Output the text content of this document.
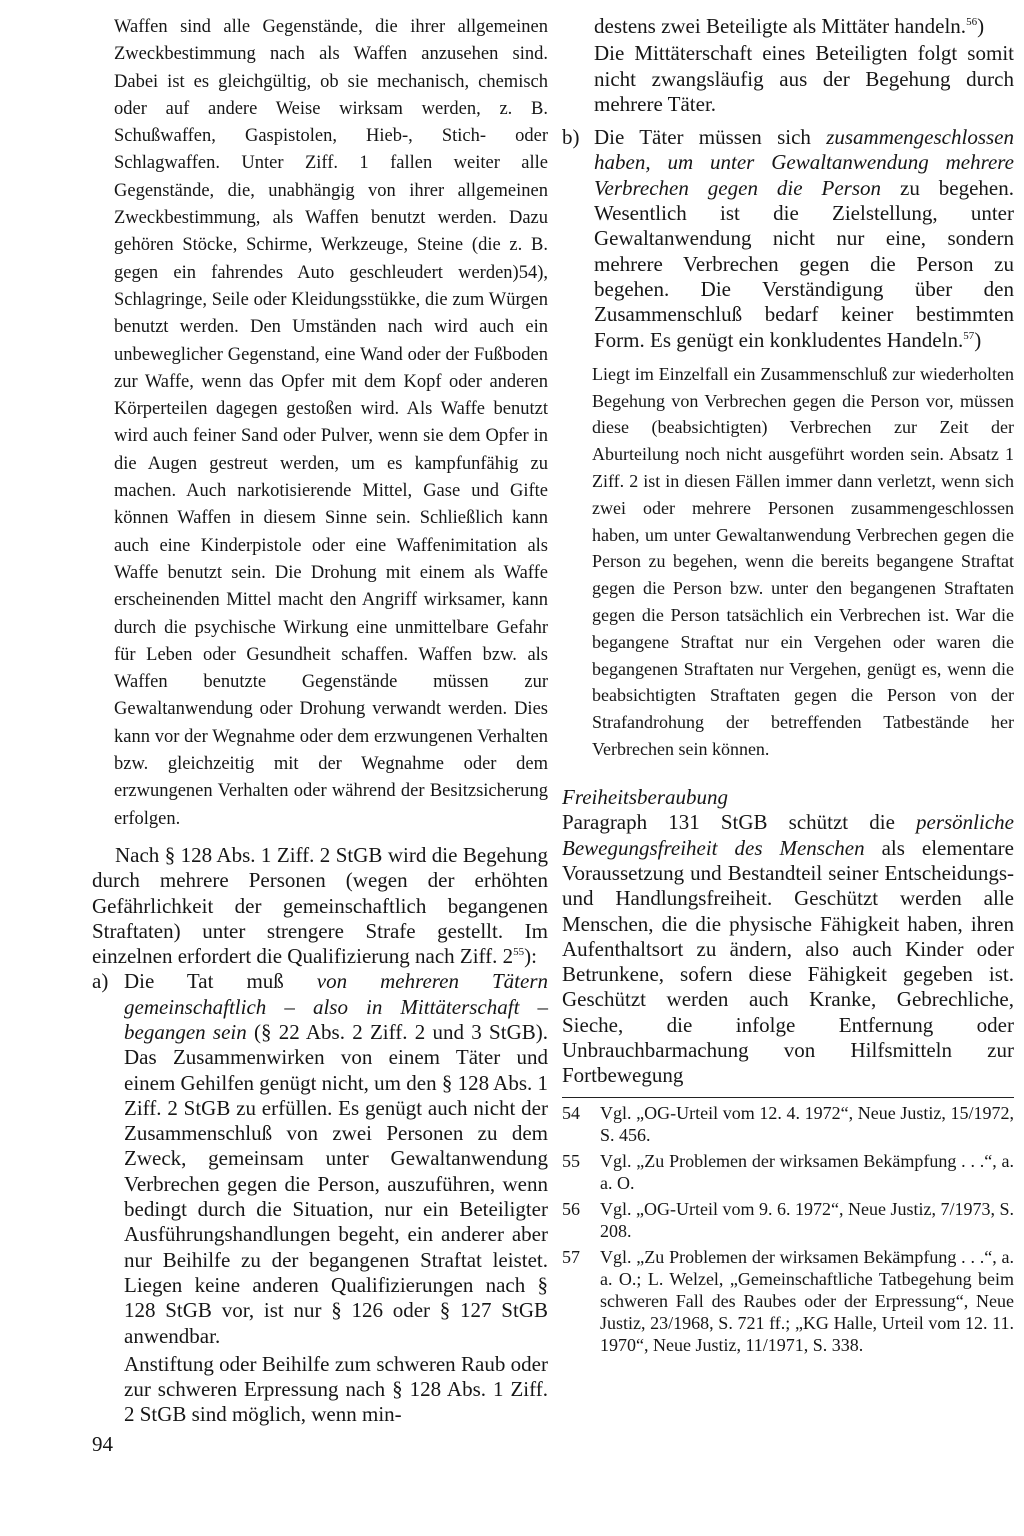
Waffen sind alle Gegenstände, die ihrer allgemeinen Zweckbestimmung nach als Waffen anzusehen sind. Dabei ist es gleichgültig, ob sie mechanisch, chemisch oder auf andere Weise wirksam werden, z. B. Schußwaffen, Gaspistolen, Hieb-, Stich- oder Schlagwaffen. Unter Ziff. 1 fallen weiter alle Gegenstände, die, unabhängig von ihrer allgemeinen Zweckbestimmung, als Waffen benutzt werden. Dazu gehören Stöcke, Schirme, Werkzeuge, Steine (die z. B. gegen ein fahrendes Auto geschleudert werden)54), Schlagringe, Seile oder Kleidungsstükke, die zum Würgen benutzt werden. Den Umständen nach wird auch ein unbeweglicher Gegenstand, eine Wand oder der Fußboden zur Waffe, wenn das Opfer mit dem Kopf oder anderen Körperteilen dagegen gestoßen wird. Als Waffe benutzt wird auch feiner Sand oder Pulver, wenn sie dem Opfer in die Augen gestreut werden, um es kampfunfähig zu machen. Auch narkotisierende Mittel, Gase und Gifte können Waffen in diesem Sinne sein. Schließlich kann auch eine Kinderpistole oder eine Waffenimitation als Waffe benutzt sein. Die Drohung mit einem als Waffe erscheinenden Mittel macht den Angriff wirksamer, kann durch die psychische Wirkung eine unmittelbare Gefahr für Leben oder Gesundheit schaffen. Waffen bzw. als Waffen benutzte Gegenstände müssen zur Gewaltanwendung oder Drohung verwandt werden. Dies kann vor der Wegnahme oder dem erzwungenen Verhalten bzw. gleichzeitig mit der Wegnahme oder dem erzwungenen Verhalten oder während der Besitzsicherung erfolgen.

Nach § 128 Abs. 1 Ziff. 2 StGB wird die Begehung durch mehrere Personen (wegen der erhöhten Gefährlichkeit der gemeinschaftlich begangenen Straftaten) unter strengere Strafe gestellt. Im einzelnen erfordert die Qualifizierung nach Ziff. $2^{55}$):

a) Die Tat muß von mehreren Tätern gemeinschaftlich – also in Mittäterschaft – begangen sein (§ 22 Abs. 2 Ziff. 2 und 3 StGB). Das Zusammenwirken von einem Täter und einem Gehilfen genügt nicht, um den § 128 Abs. 1 Ziff. 2 StGB zu erfüllen. Es genügt auch nicht der Zusammenschluß von zwei Personen zu dem Zweck, gemeinsam unter Gewaltanwendung Verbrechen gegen die Person, auszuführen, wenn bedingt durch die Situation, nur ein Beteiligter Ausführungshandlungen begeht, ein anderer aber nur Beihilfe zu der begangenen Straftat leistet. Liegen keine anderen Qualifizierungen nach § 128 StGB vor, ist nur § 126 oder § 127 StGB anwendbar.

Anstiftung oder Beihilfe zum schweren Raub oder zur schweren Erpressung nach § 128 Abs. 1 Ziff. 2 StGB sind möglich, wenn min-

destens zwei Beteiligte als Mittäter handeln.$^{56}$)

Die Mittäterschaft eines Beteiligten folgt somit nicht zwangsläufig aus der Begehung durch mehrere Täter.

b) Die Täter müssen sich zusammengeschlossen haben, um unter Gewaltanwendung mehrere Verbrechen gegen die Person zu begehen. Wesentlich ist die Zielstellung, unter Gewaltanwendung nicht nur eine, sondern mehrere Verbrechen gegen die Person zu begehen. Die Verständigung über den Zusammenschluß bedarf keiner bestimmten Form. Es genügt ein konkludentes Handeln.$^{57}$)

Liegt im Einzelfall ein Zusammenschluß zur wiederholten Begehung von Verbrechen gegen die Person vor, müssen diese (beabsichtigten) Verbrechen zur Zeit der Aburteilung noch nicht ausgeführt worden sein. Absatz 1 Ziff. 2 ist in diesen Fällen immer dann verletzt, wenn sich zwei oder mehrere Personen zusammengeschlossen haben, um unter Gewaltanwendung Verbrechen gegen die Person zu begehen, wenn die bereits begangene Straftat gegen die Person bzw. unter den begangenen Straftaten gegen die Person tatsächlich ein Verbrechen ist. War die begangene Straftat nur ein Vergehen oder waren die begangenen Straftaten nur Vergehen, genügt es, wenn die beabsichtigten Straftaten gegen die Person von der Strafandrohung der betreffenden Tatbestände her Verbrechen sein können.

Freiheitsberaubung

Paragraph 131 StGB schützt die persönliche Bewegungsfreiheit des Menschen als elementare Voraussetzung und Bestandteil seiner Entscheidungs- und Handlungsfreiheit. Geschützt werden alle Menschen, die die physische Fähigkeit haben, ihren Aufenthaltsort zu ändern, also auch Kinder oder Betrunkene, sofern diese Fähigkeit gegeben ist. Geschützt werden auch Kranke, Gebrechliche, Sieche, die infolge Entfernung oder Unbrauchbarmachung von Hilfsmitteln zur Fortbewegung

54 Vgl. „OG-Urteil vom 12. 4. 1972“, Neue Justiz, 15/1972, S. 456.
55 Vgl. „Zu Problemen der wirksamen Bekämpfung . . .“, a. a. O.
56 Vgl. „OG-Urteil vom 9. 6. 1972“, Neue Justiz, 7/1973, S. 208.
57 Vgl. „Zu Problemen der wirksamen Bekämpfung . . .“, a. a. O.; L. Welzel, „Gemeinschaftliche Tatbegehung beim schweren Fall des Raubes oder der Erpressung“, Neue Justiz, 23/1968, S. 721 ff.; „KG Halle, Urteil vom 12. 11. 1970“, Neue Justiz, 11/1971, S. 338.
94
